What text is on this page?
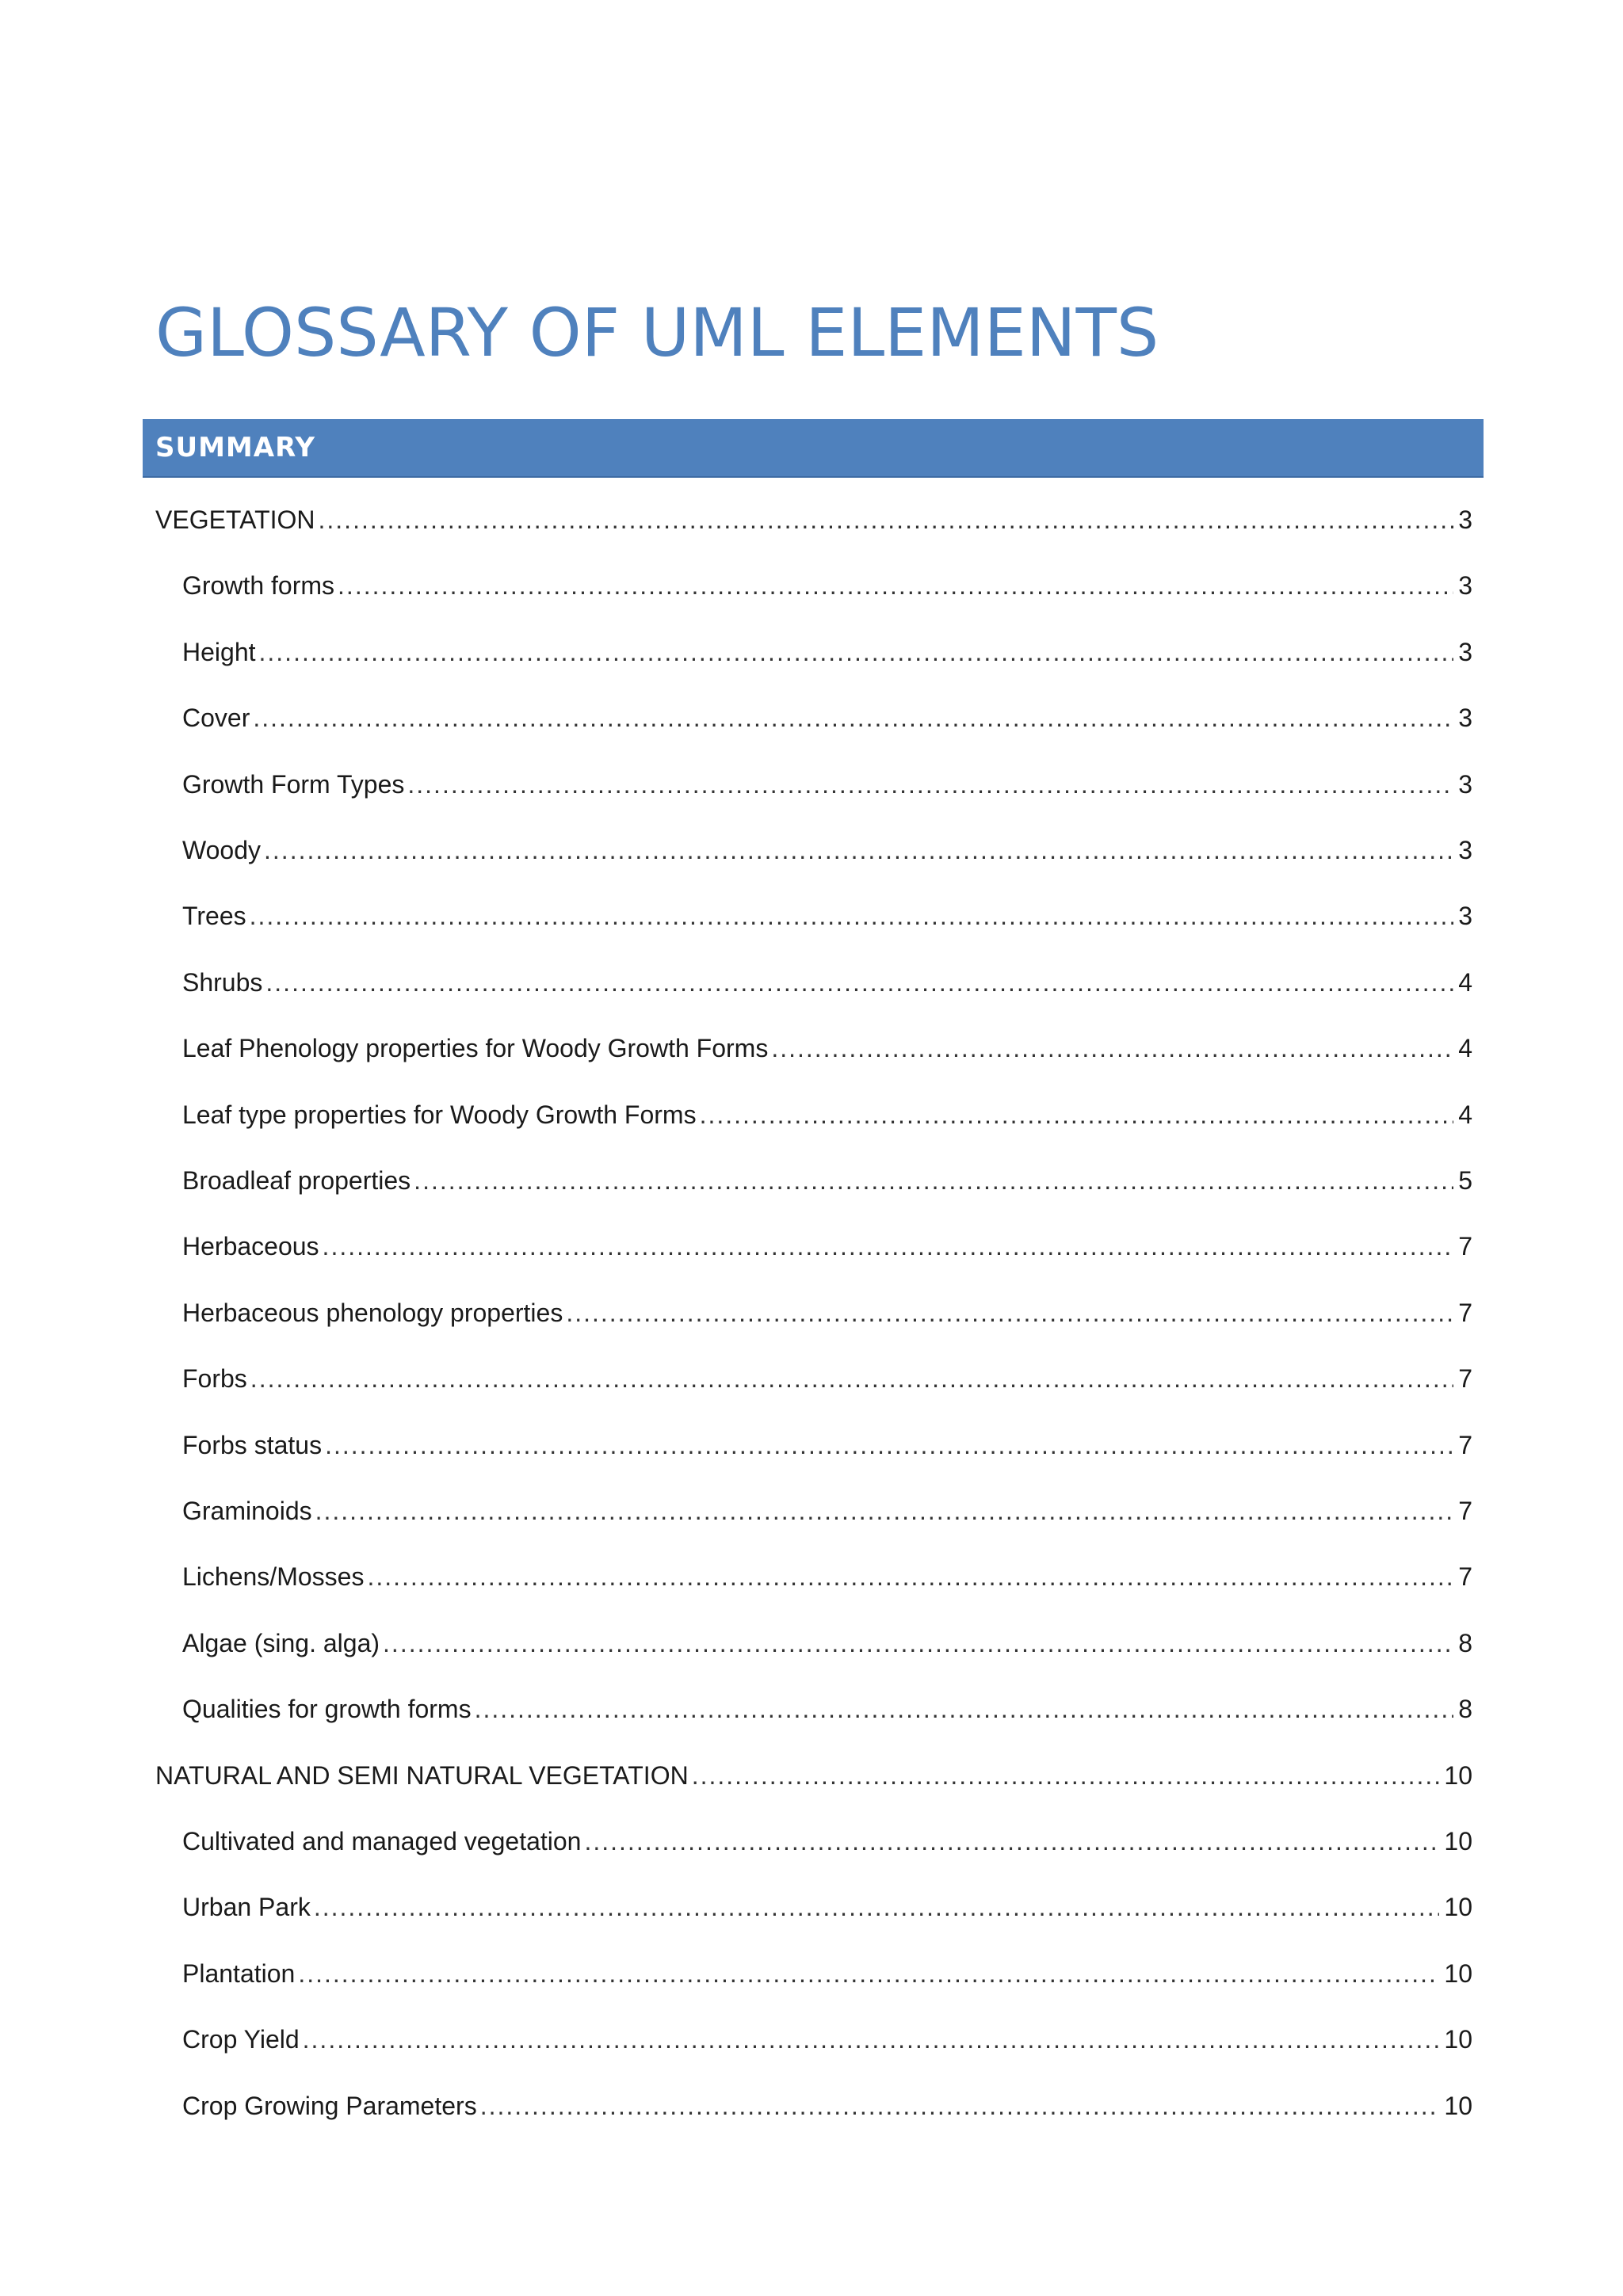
GLOSSARY OF UML ELEMENTS
SUMMARY
VEGETATION .....	3
Growth forms .....	3
Height .....	3
Cover .....	3
Growth Form Types .....	3
Woody .....	3
Trees .....	3
Shrubs .....	4
Leaf Phenology properties for Woody Growth Forms .....	4
Leaf type properties for Woody Growth Forms .....	4
Broadleaf properties .....	5
Herbaceous .....	7
Herbaceous phenology properties .....	7
Forbs .....	7
Forbs status .....	7
Graminoids .....	7
Lichens/Mosses .....	7
Algae (sing. alga) .....	8
Qualities for growth forms .....	8
NATURAL AND SEMI NATURAL VEGETATION .....	10
Cultivated and managed vegetation .....	10
Urban Park .....	10
Plantation .....	10
Crop Yield .....	10
Crop Growing Parameters .....	10
